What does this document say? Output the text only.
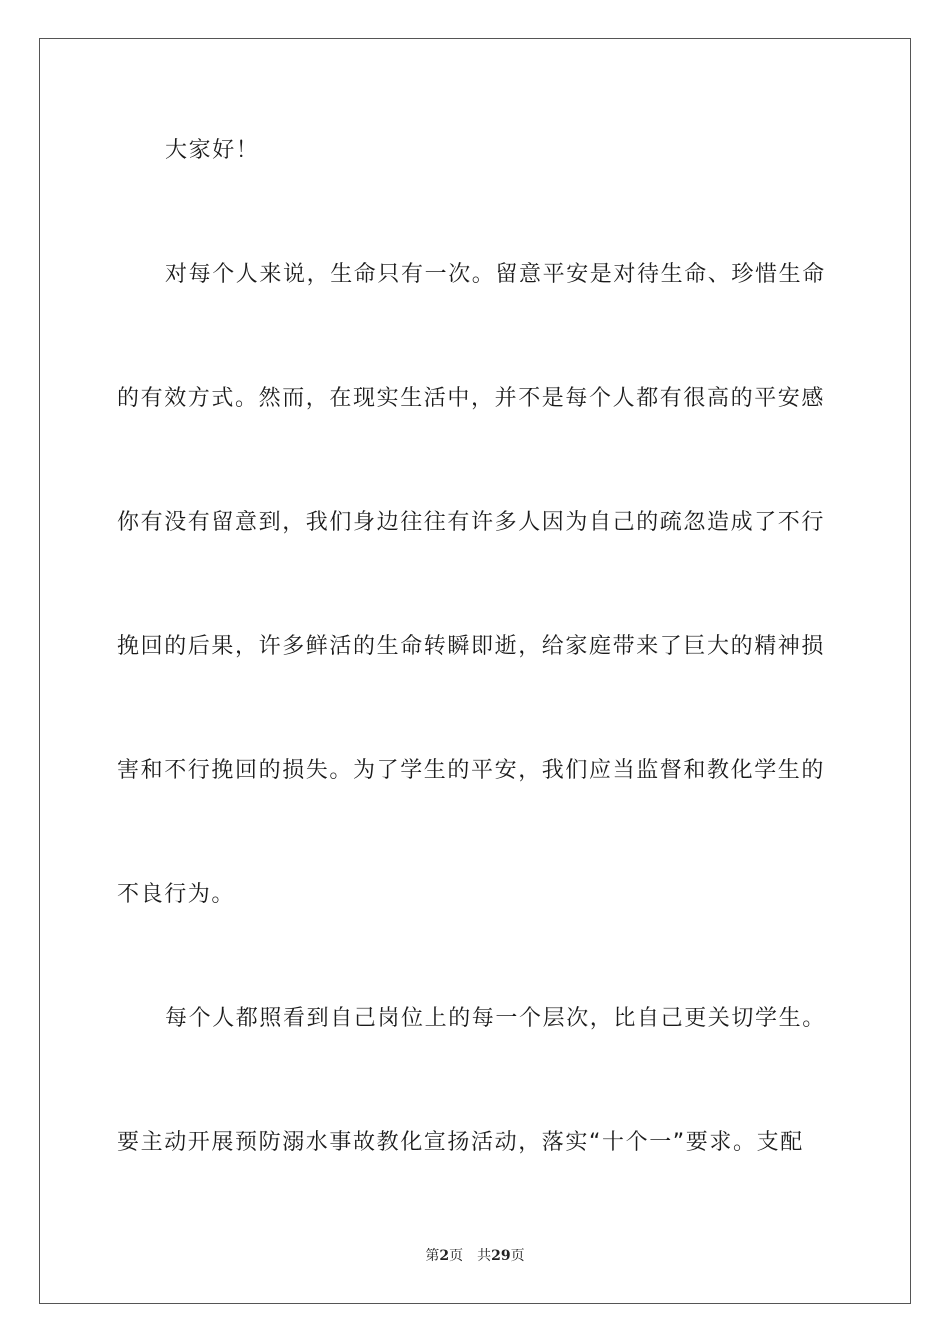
大家好！
对每个人来说，生命只有一次。留意平安是对待生命、珍惜生命
的有效方式。然而，在现实生活中，并不是每个人都有很高的平安感
你有没有留意到，我们身边往往有许多人因为自己的疏忽造成了不行
挽回的后果，许多鲜活的生命转瞬即逝，给家庭带来了巨大的精神损
害和不行挽回的损失。为了学生的平安，我们应当监督和教化学生的
不良行为。
每个人都照看到自己岗位上的每一个层次，比自己更关切学生。
要主动开展预防溺水事故教化宣扬活动，落实“十个一”要求。支配
第2页 共29页
